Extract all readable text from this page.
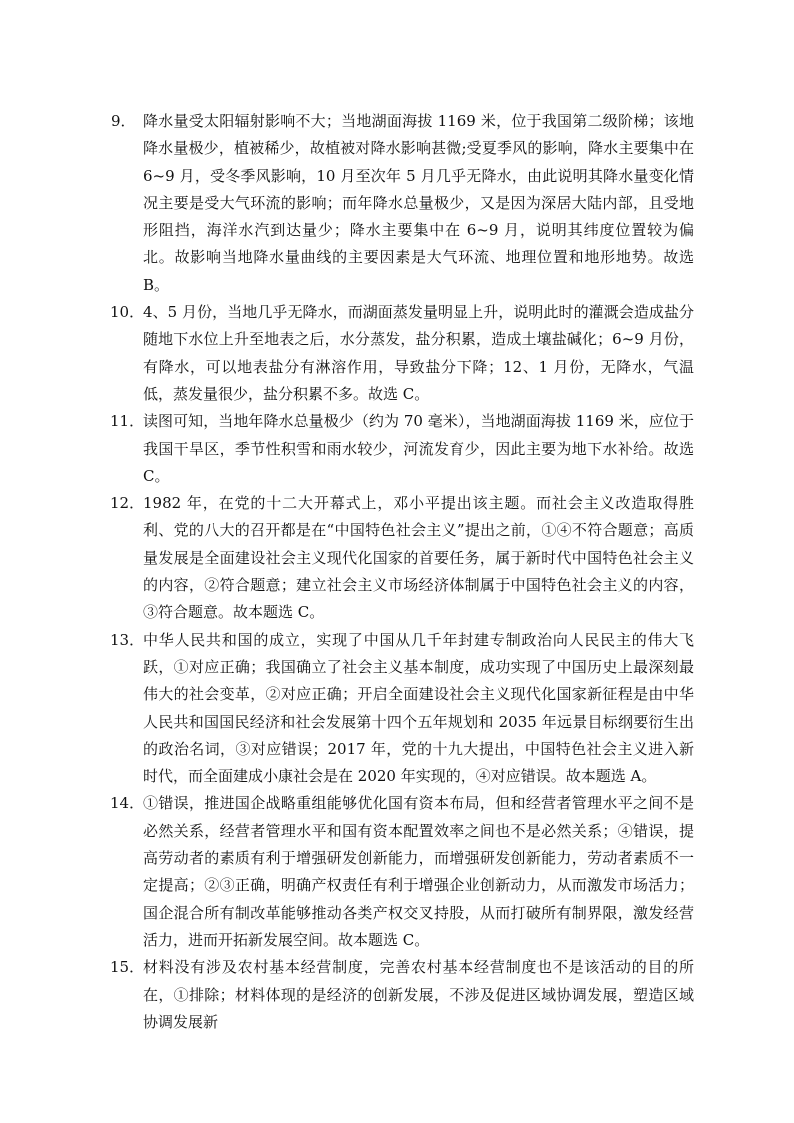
9． 降水量受太阳辐射影响不大；当地湖面海拔 1169 米，位于我国第二级阶梯；该地降水量极少，植被稀少，故植被对降水影响甚微;受夏季风的影响，降水主要集中在 6~9 月，受冬季风影响，10 月至次年 5 月几乎无降水，由此说明其降水量变化情况主要是受大气环流的影响；而年降水总量极少，又是因为深居大陆内部，且受地形阻挡，海洋水汽到达量少；降水主要集中在 6~9 月，说明其纬度位置较为偏北。故影响当地降水量曲线的主要因素是大气环流、地理位置和地形地势。故选 B。

10．
4、5 月份，当地几乎无降水，而湖面蒸发量明显上升，说明此时的灌溉会造成盐分随地下水位上升至地表之后，水分蒸发，盐分积累，造成土壤盐碱化；6~9 月份，有降水，可以地表盐分有淋溶作用，导致盐分下降；12、1 月份，无降水，气温低，蒸发量很少，盐分积累不多。故选 C。

11．
读图可知，当地年降水总量极少（约为 70 毫米），当地湖面海拔 1169 米，应位于我国干旱区，季节性积雪和雨水较少，河流发育少，因此主要为地下水补给。故选 C。

12．
1982 年，在党的十二大开幕式上，邓小平提出该主题。而社会主义改造取得胜利、党的八大的召开都是在“中国特色社会主义”提出之前，①④不符合题意；高质量发展是全面建设社会主义现代化国家的首要任务，属于新时代中国特色社会主义的内容，②符合题意；建立社会主义市场经济体制属于中国特色社会主义的内容，③符合题意。故本题选 C。

13．
中华人民共和国的成立，实现了中国从几千年封建专制政治向人民民主的伟大飞跃，①对应正确；我国确立了社会主义基本制度，成功实现了中国历史上最深刻最伟大的社会变革，②对应正确；开启全面建设社会主义现代化国家新征程是由中华人民共和国国民经济和社会发展第十四个五年规划和 2035 年远景目标纲要衍生出的政治名词，③对应错误；2017 年，党的十九大提出，中国特色社会主义进入新时代，而全面建成小康社会是在 2020 年实现的，④对应错误。故本题选 A。

14．
①错误，推进国企战略重组能够优化国有资本布局，但和经营者管理水平之间不是必然关系，经营者管理水平和国有资本配置效率之间也不是必然关系；④错误，提高劳动者的素质有利于增强研发创新能力，而增强研发创新能力，劳动者素质不一定提高；②③正确，明确产权责任有利于增强企业创新动力，从而激发市场活力；国企混合所有制改革能够推动各类产权交叉持股，从而打破所有制界限，激发经营活力，进而开拓新发展空间。故本题选 C。

15．
材料没有涉及农村基本经营制度，完善农村基本经营制度也不是该活动的目的所在，①排除；材料体现的是经济的创新发展，不涉及促进区域协调发展，塑造区域协调发展新
